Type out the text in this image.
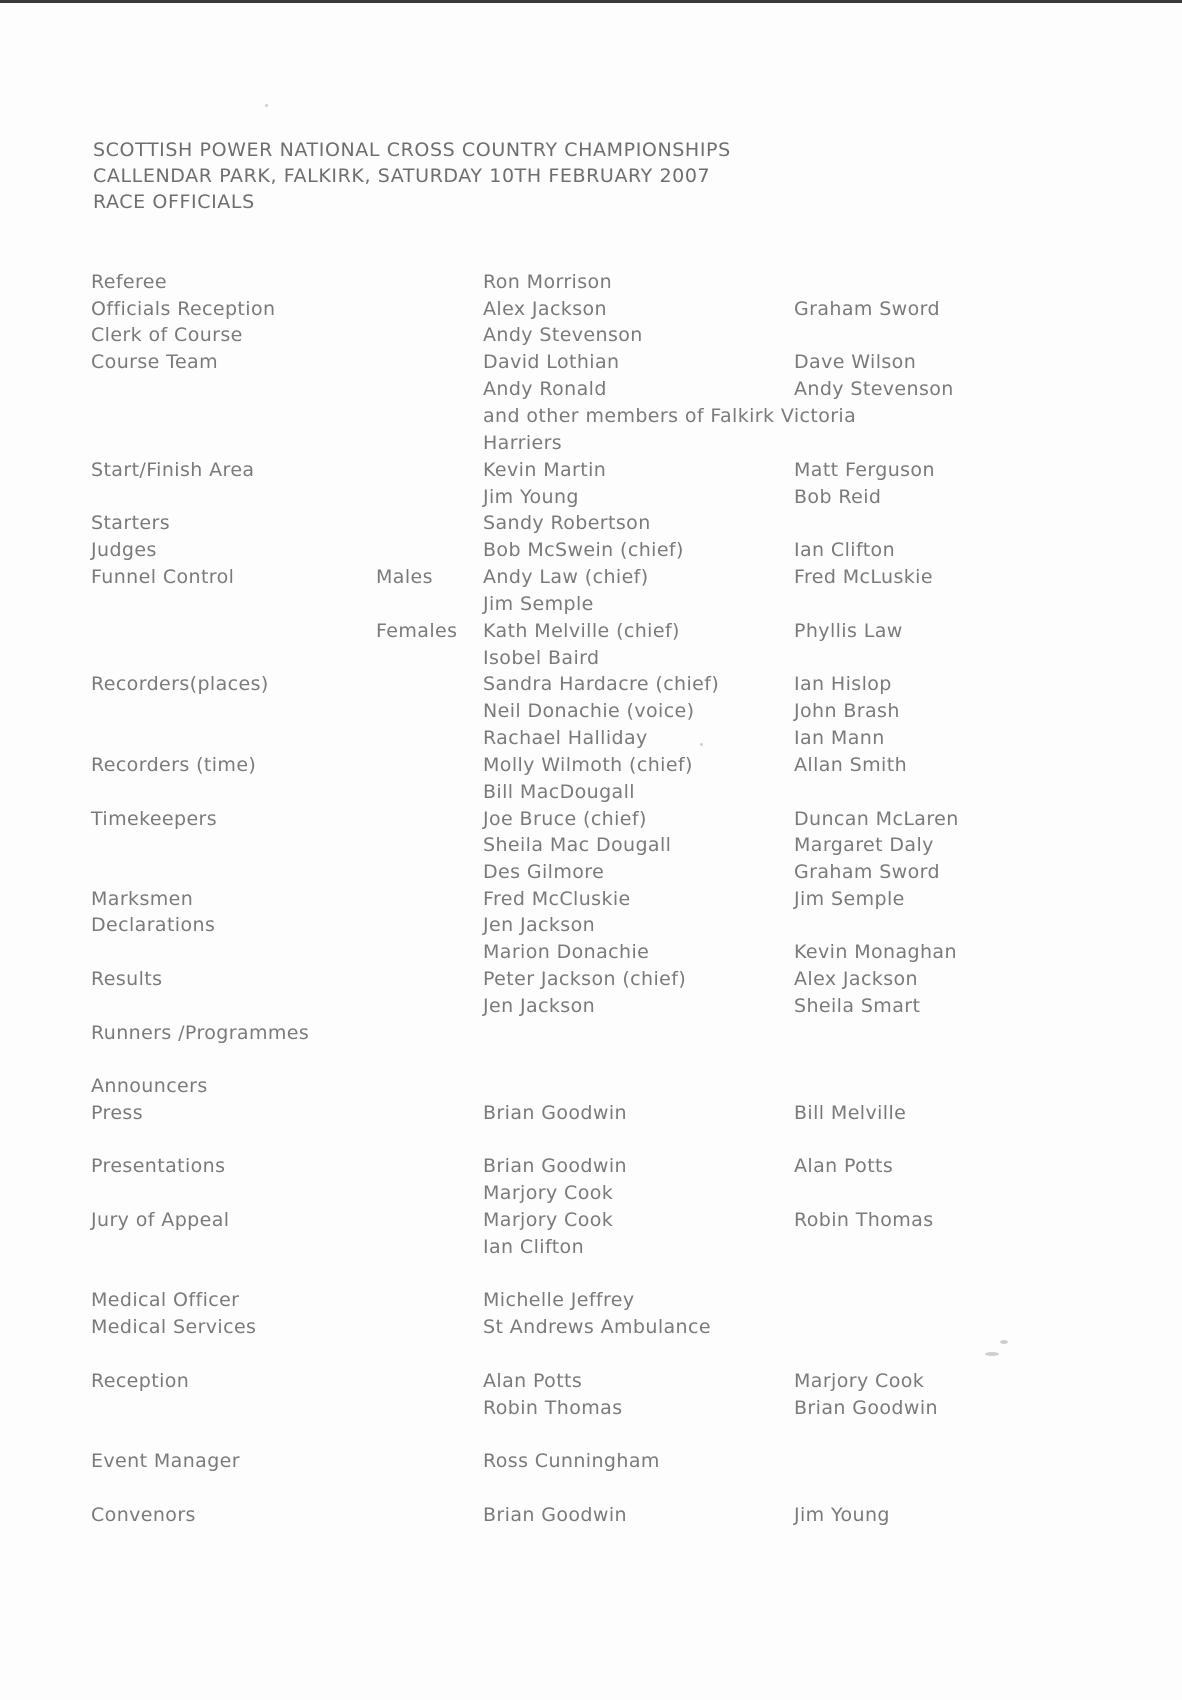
SCOTTISH POWER NATIONAL CROSS COUNTRY CHAMPIONSHIPS
CALLENDAR PARK, FALKIRK, SATURDAY 10TH FEBRUARY 2007
RACE OFFICIALS
Referee	Ron Morrison
Officials Reception	Alex Jackson	Graham Sword
Clerk of Course	Andy Stevenson
Course Team	David Lothian	Dave Wilson
Andy Ronald	Andy Stevenson
and other members of Falkirk Victoria
Harriers
Start/Finish Area	Kevin Martin	Matt Ferguson
Jim Young	Bob Reid
Starters	Sandy Robertson
Judges	Bob McSwein (chief)	Ian Clifton
Funnel Control	Males	Andy Law (chief)	Fred McLuskie
Jim Semple
Females Kath Melville (chief)	Phyllis Law
Isobel Baird
Recorders(places)	Sandra Hardacre (chief)	Ian Hislop
Neil Donachie (voice)	John Brash
Rachael Halliday	Ian Mann
Recorders (time)	Molly Wilmoth (chief)	Allan Smith
Bill MacDougall
Timekeepers	Joe Bruce (chief)	Duncan McLaren
Sheila Mac Dougall	Margaret Daly
Des Gilmore	Graham Sword
Marksmen	Fred McCluskie	Jim Semple
Declarations	Jen Jackson
Marion Donachie	Kevin Monaghan
Results	Peter Jackson (chief)	Alex Jackson
Jen Jackson	Sheila Smart
Runners /Programmes
Announcers
Press	Brian Goodwin	Bill Melville
Presentations	Brian Goodwin	Alan Potts
Marjory Cook
Jury of Appeal	Marjory Cook	Robin Thomas
Ian Clifton
Medical Officer	Michelle Jeffrey
Medical Services	St Andrews Ambulance
Reception	Alan Potts	Marjory Cook
Robin Thomas	Brian Goodwin
Event Manager	Ross Cunningham
Convenors	Brian Goodwin	Jim Young
